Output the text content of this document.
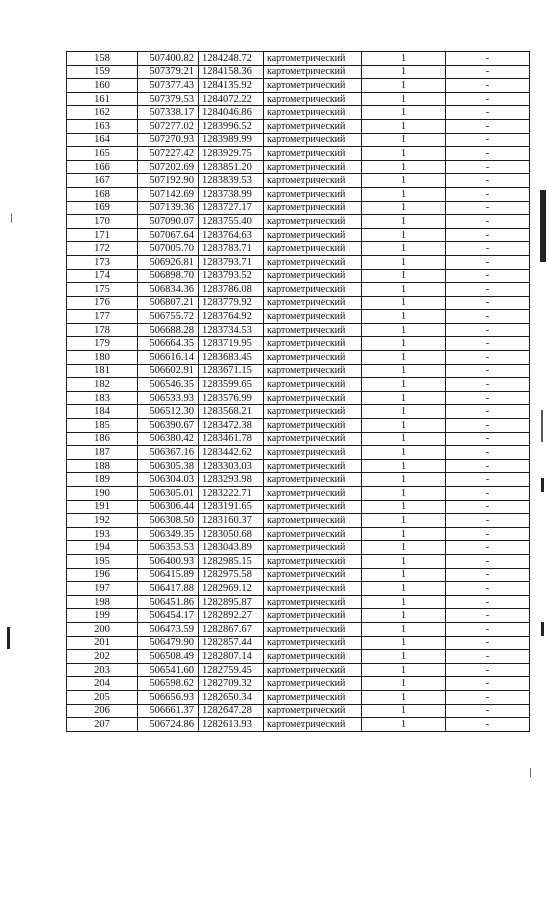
158	507400.82	1284248.72	картометрический	1	-
159	507379.21	1284158.36	картометрический	1	-
160	507377.43	1284135.92	картометрический	1	-
161	507379.53	1284072.22	картометрический	1	-
162	507338.17	1284046.86	картометрический	1	-
163	507277.02	1283996.52	картометрический	1	-
164	507270.93	1283989.99	картометрический	1	-
165	507227.42	1283929.75	картометрический	1	-
166	507202.69	1283851.20	картометрический	1	-
167	507192.90	1283839.53	картометрический	1	-
168	507142.69	1283738.99	картометрический	1	-
169	507139.36	1283727.17	картометрический	1	-
170	507090.07	1283755.40	картометрический	1	-
171	507067.64	1283764.63	картометрический	1	-
172	507005.70	1283783.71	картометрический	1	-
173	506926.81	1283793.71	картометрический	1	-
174	506898.70	1283793.52	картометрический	1	-
175	506834.36	1283786.08	картометрический	1	-
176	506807.21	1283779.92	картометрический	1	-
177	506755.72	1283764.92	картометрический	1	-
178	506688.28	1283734.53	картометрический	1	-
179	506664.35	1283719.95	картометрический	1	-
180	506616.14	1283683.45	картометрический	1	-
181	506602.91	1283671.15	картометрический	1	-
182	506546.35	1283599.65	картометрический	1	-
183	506533.93	1283576.99	картометрический	1	-
184	506512.30	1283568.21	картометрический	1	-
185	506390.67	1283472.38	картометрический	1	-
186	506380.42	1283461.78	картометрический	1	-
187	506367.16	1283442.62	картометрический	1	-
188	506305.38	1283303.03	картометрический	1	-
189	506304.03	1283293.98	картометрический	1	-
190	506305.01	1283222.71	картометрический	1	-
191	506306.44	1283191.65	картометрический	1	-
192	506308.50	1283160.37	картометрический	1	-
193	506349.35	1283050.68	картометрический	1	-
194	506353.53	1283043.89	картометрический	1	-
195	506400.93	1282985.15	картометрический	1	-
196	506415.89	1282975.58	картометрический	1	-
197	506417.88	1282969.12	картометрический	1	-
198	506451.86	1282895.87	картометрический	1	-
199	506454.17	1282892.27	картометрический	1	-
200	506473.59	1282867.67	картометрический	1	-
201	506479.90	1282857.44	картометрический	1	-
202	506508.49	1282807.14	картометрический	1	-
203	506541.60	1282759.45	картометрический	1	-
204	506598.62	1282709.32	картометрический	1	-
205	506656.93	1282650.34	картометрический	1	-
206	506661.37	1282647.28	картометрический	1	-
207	506724.86	1282613.93	картометрический	1	-
